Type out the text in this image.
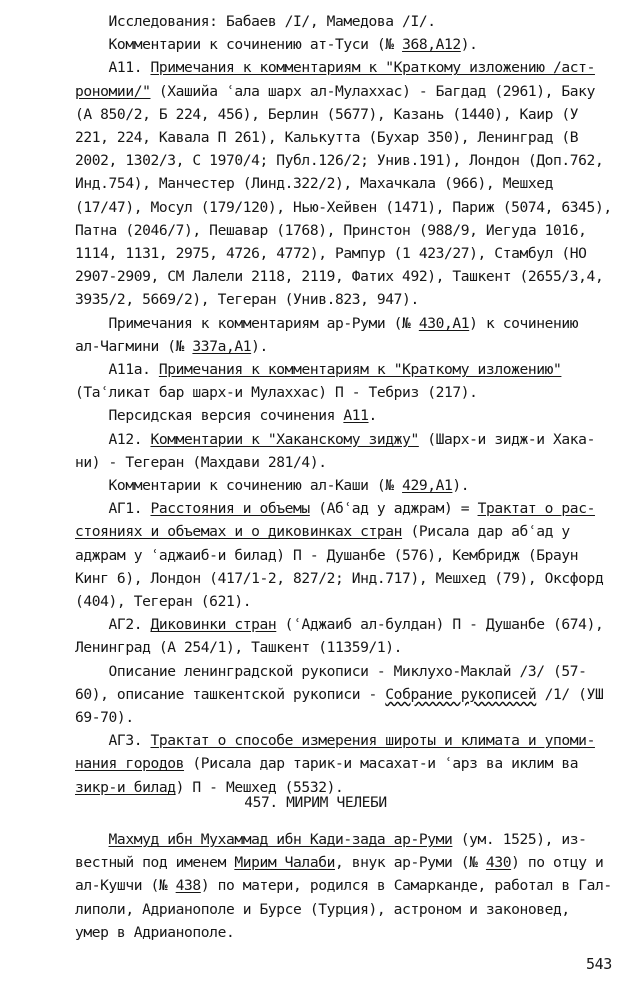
Исследования: Бабаев /I/, Мамедова /I/.
Комментарии к сочинению ат-Туси (№ 368,A12).
A11. Примечания к комментариям к "Краткому изложению /аст-
рономии/" (Хашийа ʿала шарх ал-Мулаххас) - Багдад (2961), Баку
(А 850/2, Б 224, 456), Берлин (5677), Казань (1440), Каир (У
221, 224, Кавала П 261), Калькутта (Бухар 350), Ленинград (В
2002, 1302/3, С 1970/4; Публ.126/2; Унив.191), Лондон (Доп.762,
Инд.754), Манчестер (Линд.322/2), Махачкала (966), Мешхед
(17/47), Мосул (179/120), Нью-Хейвен (1471), Париж (5074, 6345),
Патна (2046/7), Пешавар (1768), Принстон (988/9, Иегуда 1016,
1114, 1131, 2975, 4726, 4772), Рампур (1 423/27), Стамбул (НО
2907-2909, СМ Лалели 2118, 2119, Фатих 492), Ташкент (2655/3,4,
3935/2, 5669/2), Тегеран (Унив.823, 947).
Примечания к комментариям ар-Руми (№ 430,A1) к сочинению
ал-Чагмини (№ 337а,A1).
A11а. Примечания к комментариям к "Краткому изложению"
(Таʿликат бар шарх-и Мулаххас) П - Тебриз (217).
Персидская версия сочинения A11.
A12. Комментарии к "Хаканскому зиджу" (Шарх-и зидж-и Хака-
ни) - Тегеран (Махдави 281/4).
Комментарии к сочинению ал-Каши (№ 429,A1).
АГ1. Расстояния и объемы (Абʿад у аджрам) = Трактат о рас-
стояниях и объемах и о диковинках стран (Рисала дар абʿад у
аджрам у ʿаджаиб-и билад) П - Душанбе (576), Кембридж (Браун
Кинг 6), Лондон (417/1-2, 827/2; Инд.717), Мешхед (79), Оксфорд
(404), Тегеран (621).
АГ2. Диковинки стран (ʿАджаиб ал-булдан) П - Душанбе (674),
Ленинград (А 254/1), Ташкент (11359/1).
Описание ленинградской рукописи - Миклухо-Маклай /3/ (57-
60), описание ташкентской рукописи - Собрание рукописей /1/ (УШ
69-70).
АГ3. Трактат о способе измерения широты и климата и упоми-
нания городов (Рисала дар тарик-и масахат-и ʿарз ва иклим ва
зикр-и билад) П - Мешхед (5532).
457. МИРИМ ЧЕЛЕБИ
Махмуд ибн Мухаммад ибн Кади-зада ар-Руми (ум. 1525), из-
вестный под именем Мирим Чалаби, внук ар-Руми (№ 430) по отцу и
ал-Кушчи (№ 438) по матери, родился в Самарканде, работал в Гал-
липоли, Адрианополе и Бурсе (Турция), астроном и законовед,
умер в Адрианополе.
543
